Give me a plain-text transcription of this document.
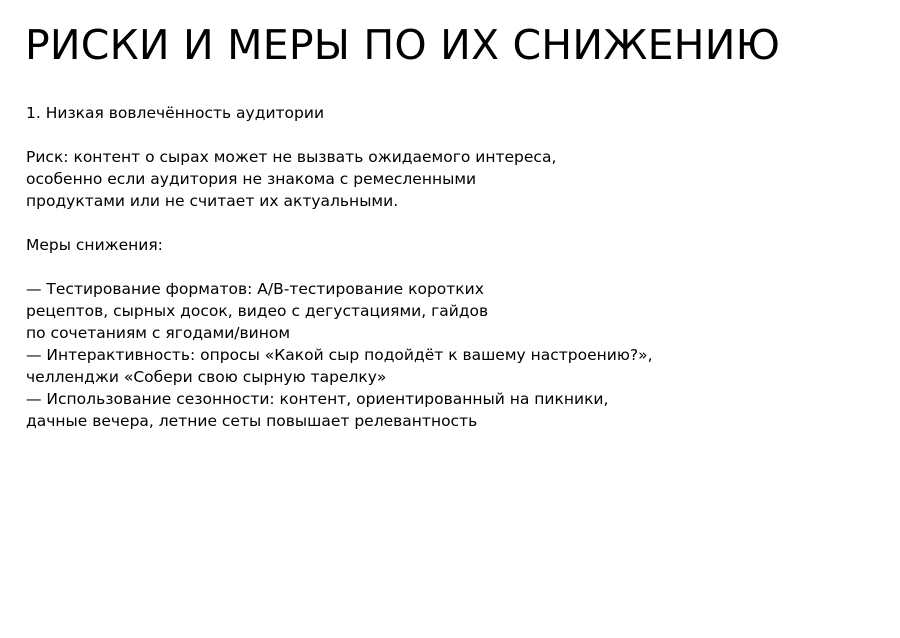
РИСКИ И МЕРЫ ПО ИХ СНИЖЕНИЮ

1. Низкая вовлечённость аудитории

Риск: контент о сырах может не вызвать ожидаемого интереса,
особенно если аудитория не знакома с ремесленными
продуктами или не считает их актуальными.

Меры снижения:

— Тестирование форматов: A/B-тестирование коротких
рецептов, сырных досок, видео с дегустациями, гайдов
по сочетаниям с ягодами/вином
— Интерактивность: опросы «Какой сыр подойдёт к вашему настроению?»,
челленджи «Собери свою сырную тарелку»
— Использование сезонности: контент, ориентированный на пикники,
дачные вечера, летние сеты повышает релевантность
